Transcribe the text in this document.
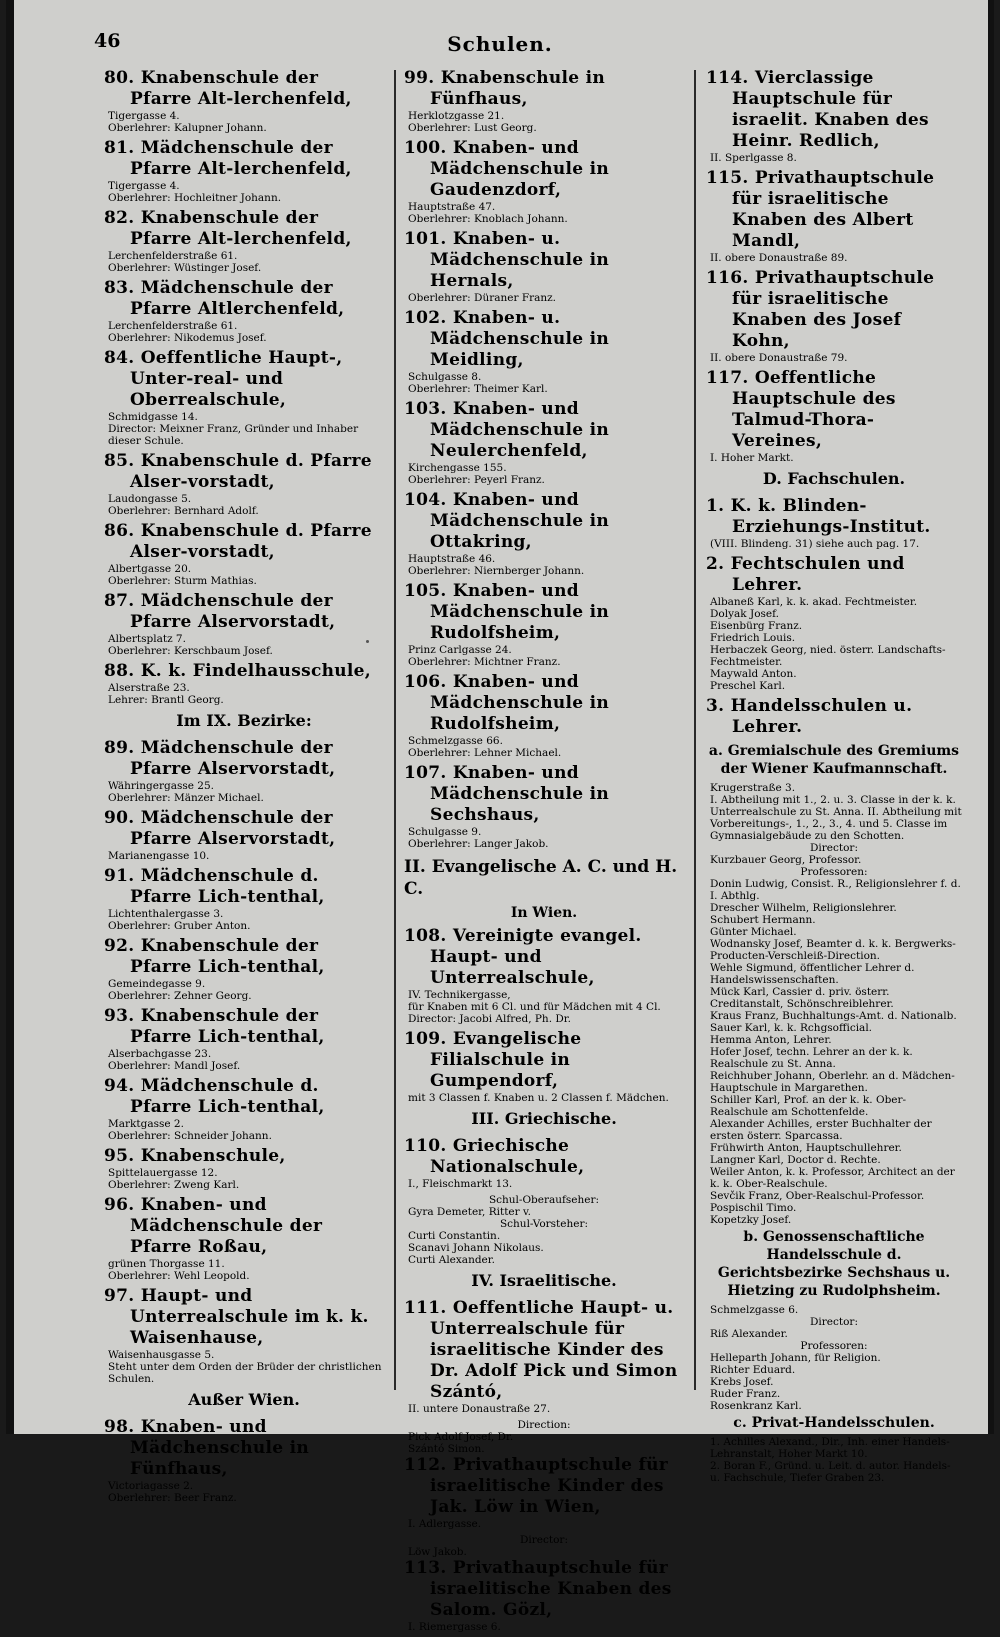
46	Schulen.
80. Knabenschule der Pfarre Alt-lerchenfeld,
Tigergasse 4.
Oberlehrer: Kalupner Johann.
81. Mädchenschule der Pfarre Alt-lerchenfeld,
Tigergasse 4.
Oberlehrer: Hochleitner Johann.
82. Knabenschule der Pfarre Alt-lerchenfeld,
Lerchenfelderstraße 61.
Oberlehrer: Wüstinger Josef.
83. Mädchenschule der Pfarre Altlerchenfeld,
Lerchenfelderstraße 61.
Oberlehrer: Nikodemus Josef.
84. Oeffentliche Haupt-, Unter-real- und Oberrealschule,
Schmidgasse 14.
Director: Meixner Franz, Gründer und Inhaber dieser Schule.
85. Knabenschule d. Pfarre Alser-vorstadt,
Laudongasse 5.
Oberlehrer: Bernhard Adolf.
86. Knabenschule d. Pfarre Alser-vorstadt,
Albertgasse 20.
Oberlehrer: Sturm Mathias.
87. Mädchenschule der Pfarre Alservorstadt,
Albertsplatz 7.
Oberlehrer: Kerschbaum Josef.
88. K. k. Findelhausschule,
Alserstraße 23.
Lehrer: Brantl Georg.
Im IX. Bezirke:
89. Mädchenschule der Pfarre Alservorstadt,
Währingergasse 25.
Oberlehrer: Mänzer Michael.
90. Mädchenschule der Pfarre Alservorstadt,
Marianengasse 10.
91. Mädchenschule d. Pfarre Lich-tenthal,
Lichtenthalergasse 3.
Oberlehrer: Gruber Anton.
92. Knabenschule der Pfarre Lich-tenthal,
Gemeindegasse 9.
Oberlehrer: Zehner Georg.
93. Knabenschule der Pfarre Lich-tenthal,
Alserbachgasse 23.
Oberlehrer: Mandl Josef.
94. Mädchenschule d. Pfarre Lich-tenthal,
Marktgasse 2.
Oberlehrer: Schneider Johann.
95. Knabenschule,
Spittelauergasse 12.
Oberlehrer: Zweng Karl.
96. Knaben- und Mädchenschule der Pfarre Roßau,
grünen Thorgasse 11.
Oberlehrer: Wehl Leopold.
97. Haupt- und Unterrealschule im k. k. Waisenhause,
Waisenhausgasse 5.
Steht unter dem Orden der Brüder der christlichen Schulen.
Außer Wien.
98. Knaben- und Mädchenschule in Fünfhaus,
Victoriagasse 2.
Oberlehrer: Beer Franz.
99. Knabenschule in Fünfhaus,
Herklotzgasse 21.
Oberlehrer: Lust Georg.
100. Knaben- und Mädchenschule in Gaudenzdorf,
Hauptstraße 47.
Oberlehrer: Knoblach Johann.
101. Knaben- u. Mädchenschule in Hernals,
Oberlehrer: Düraner Franz.
102. Knaben- u. Mädchenschule in Meidling,
Schulgasse 8.
Oberlehrer: Theimer Karl.
103. Knaben- und Mädchenschule in Neulerchenfeld,
Kirchengasse 155.
Oberlehrer: Peyerl Franz.
104. Knaben- und Mädchenschule in Ottakring,
Hauptstraße 46.
Oberlehrer: Niernberger Johann.
105. Knaben- und Mädchenschule in Rudolfsheim,
Prinz Carlgasse 24.
Oberlehrer: Michtner Franz.
106. Knaben- und Mädchenschule in Rudolfsheim,
Schmelzgasse 66.
Oberlehrer: Lehner Michael.
107. Knaben- und Mädchenschule in Sechshaus,
Schulgasse 9.
Oberlehrer: Langer Jakob.
II. Evangelische A. C. und H. C.
In Wien.
108. Vereinigte evangel. Haupt- und Unterrealschule,
IV. Technikergasse,
für Knaben mit 6 Cl. und für Mädchen mit 4 Cl.
Director: Jacobi Alfred, Ph. Dr.
109. Evangelische Filialschule in Gumpendorf,
mit 3 Classen f. Knaben u. 2 Classen f. Mädchen.
III. Griechische.
110. Griechische Nationalschule,
I., Fleischmarkt 13.
Schul-Oberaufseher:
Gyra Demeter, Ritter v.
Schul-Vorsteher:
Curti Constantin.
Scanavi Johann Nikolaus.
Curti Alexander.
IV. Israelitische.
111. Oeffentliche Haupt- u. Unterrealschule für israelitische Kinder des Dr. Adolf Pick und Simon Szántó,
II. untere Donaustraße 27.
Direction:
Pick Adolf Josef, Dr.
Szántó Simon.
112. Privathauptschule für israelitische Kinder des Jak. Löw in Wien,
I. Adlergasse.
Director:
Löw Jakob.
113. Privathauptschule für israelitische Knaben des Salom. Gözl,
I. Riemergasse 6.
114. Vierclassige Hauptschule für israelit. Knaben des Heinr. Redlich,
II. Sperlgasse 8.
115. Privathauptschule für israelitische Knaben des Albert Mandl,
II. obere Donaustraße 89.
116. Privathauptschule für israelitische Knaben des Josef Kohn,
II. obere Donaustraße 79.
117. Oeffentliche Hauptschule des Talmud-Thora-Vereines,
I. Hoher Markt.
D. Fachschulen.
1. K. k. Blinden-Erziehungs-Institut.
(VIII. Blindeng. 31) siehe auch pag. 17.
2. Fechtschulen und Lehrer.
Albaneß Karl, k. k. akad. Fechtmeister.
Dolyak Josef.
Eisenbürg Franz.
Friedrich Louis.
Herbaczek Georg, nied. österr. Landschafts-Fechtmeister.
Maywald Anton.
Preschel Karl.
3. Handelsschulen u. Lehrer.
a. Gremialschule des Gremiums der Wiener Kaufmannschaft.
Krugerstraße 3.
I. Abtheilung mit 1., 2. u. 3. Classe in der k. k. Unterrealschule zu St. Anna. II. Abtheilung mit Vorbereitungs-, 1., 2., 3., 4. und 5. Classe im Gymnasialgebäude zu den Schotten.
Director:
Kurzbauer Georg, Professor.
Professoren:
Donin Ludwig, Consist. R., Religionslehrer f. d. I. Abthlg.
Drescher Wilhelm, Religionslehrer.
Schubert Hermann.
Günter Michael.
Wodnansky Josef, Beamter d. k. k. Bergwerks-Producten-Verschleiß-Direction.
Wehle Sigmund, öffentlicher Lehrer d. Handelswissenschaften.
Mück Karl, Cassier d. priv. österr. Creditanstalt, Schönschreiblehrer.
Kraus Franz, Buchhaltungs-Amt. d. Nationalb.
Sauer Karl, k. k. Rchgsofficial.
Hemma Anton, Lehrer.
Hofer Josef, techn. Lehrer an der k. k. Realschule zu St. Anna.
Reichhuber Johann, Oberlehr. an d. Mädchen-Hauptschule in Margarethen.
Schiller Karl, Prof. an der k. k. Ober-Realschule am Schottenfelde.
Alexander Achilles, erster Buchhalter der ersten österr. Sparcassa.
Frühwirth Anton, Hauptschullehrer.
Langner Karl, Doctor d. Rechte.
Weiler Anton, k. k. Professor, Architect an der k. k. Ober-Realschule.
Sevčik Franz, Ober-Realschul-Professor.
Pospischil Timo.
Kopetzky Josef.
b. Genossenschaftliche Handelsschule d. Gerichtsbezirke Sechshaus u. Hietzing zu Rudolphsheim.
Schmelzgasse 6.
Director:
Riß Alexander.
Professoren:
Helleparth Johann, für Religion.
Richter Eduard.
Krebs Josef.
Ruder Franz.
Rosenkranz Karl.
c. Privat-Handelsschulen.
1. Achilles Alexand., Dir., Inh. einer Handels-Lehranstalt, Hoher Markt 10.
2. Boran F., Gründ. u. Leit. d. autor. Handels- u. Fachschule, Tiefer Graben 23.
